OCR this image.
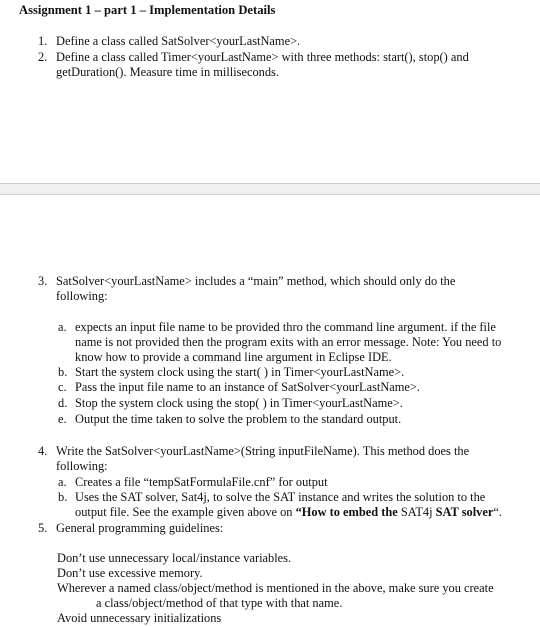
Assignment 1 – part 1 – Implementation Details
1. Define a class called SatSolver<yourLastName>.
2. Define a class called Timer<yourLastName> with three methods: start(), stop() and
getDuration(). Measure time in milliseconds.
3. SatSolver<yourLastName> includes a “main” method, which should only do the
following:
a. expects an input file name to be provided thro the command line argument. if the file
name is not provided then the program exits with an error message. Note: You need to
know how to provide a command line argument in Eclipse IDE.
b. Start the system clock using the start( ) in Timer<yourLastName>.
c. Pass the input file name to an instance of SatSolver<yourLastName>.
d. Stop the system clock using the stop( ) in Timer<yourLastName>.
e. Output the time taken to solve the problem to the standard output.
4. Write the SatSolver<yourLastName>(String inputFileName). This method does the
following:
a. Creates a file “tempSatFormulaFile.cnf” for output
b. Uses the SAT solver, Sat4j, to solve the SAT instance and writes the solution to the
output file. See the example given above on “How to embed the SAT4j SAT solver“.
5. General programming guidelines:
Don’t use unnecessary local/instance variables.
Don’t use excessive memory.
Wherever a named class/object/method is mentioned in the above, make sure you create
a class/object/method of that type with that name.
Avoid unnecessary initializations
